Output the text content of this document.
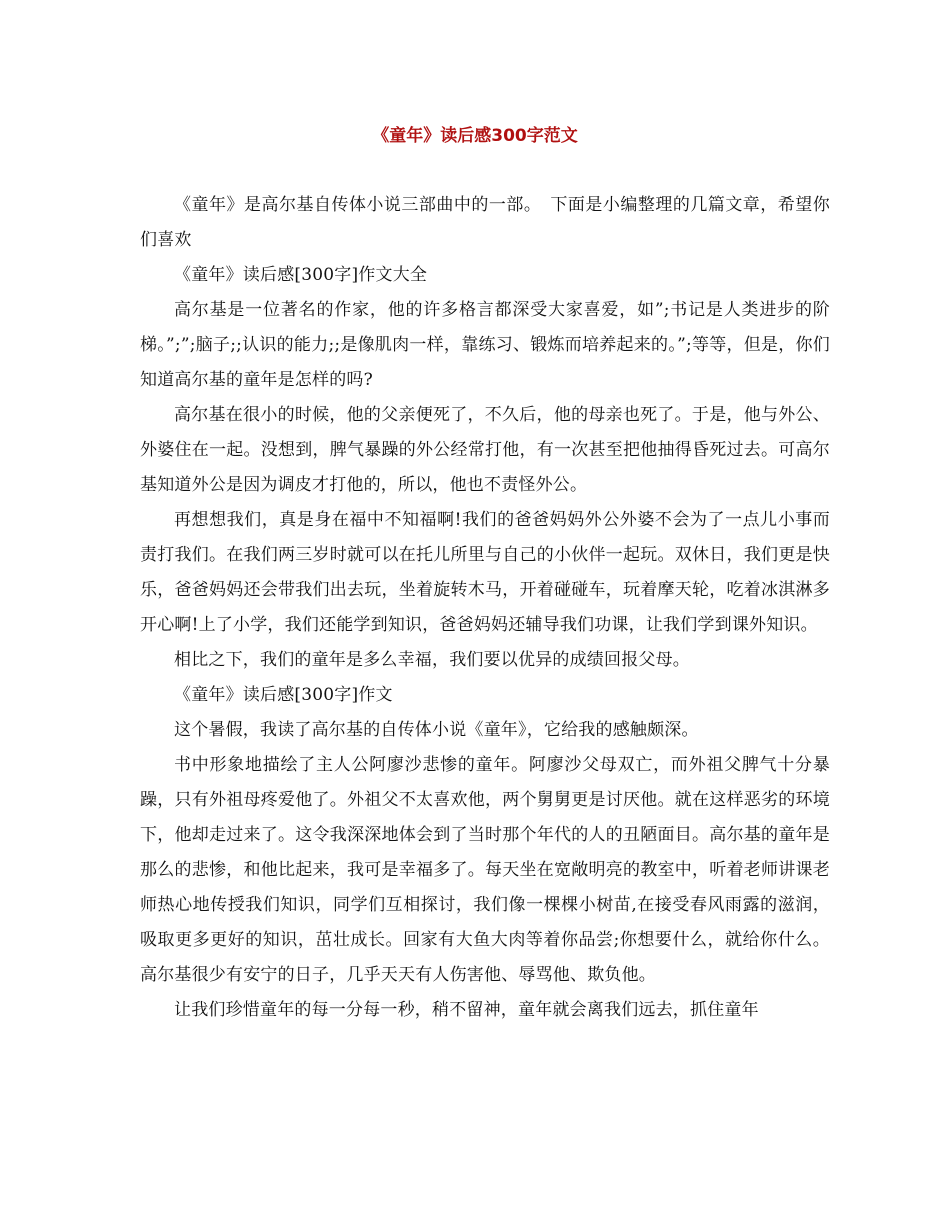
《童年》读后感300字范文

《童年》是高尔基自传体小说三部曲中的一部。　下面是小编整理的几篇文章，希望你们喜欢

《童年》读后感[300字]作文大全

高尔基是一位著名的作家，他的许多格言都深受大家喜爱，如”;书记是人类进步的阶梯。”;”;脑子;;认识的能力;;是像肌肉一样，靠练习、锻炼而培养起来的。”;等等，但是，你们知道高尔基的童年是怎样的吗?

高尔基在很小的时候，他的父亲便死了，不久后，他的母亲也死了。于是，他与外公、外婆住在一起。没想到，脾气暴躁的外公经常打他，有一次甚至把他抽得昏死过去。可高尔基知道外公是因为调皮才打他的，所以，他也不责怪外公。

再想想我们，真是身在福中不知福啊!我们的爸爸妈妈外公外婆不会为了一点儿小事而责打我们。在我们两三岁时就可以在托儿所里与自己的小伙伴一起玩。双休日，我们更是快乐，爸爸妈妈还会带我们出去玩，坐着旋转木马，开着碰碰车，玩着摩天轮，吃着冰淇淋多开心啊!上了小学，我们还能学到知识，爸爸妈妈还辅导我们功课，让我们学到课外知识。

相比之下，我们的童年是多么幸福，我们要以优异的成绩回报父母。

《童年》读后感[300字]作文

这个暑假，我读了高尔基的自传体小说《童年》，它给我的感触颇深。

书中形象地描绘了主人公阿廖沙悲惨的童年。阿廖沙父母双亡，而外祖父脾气十分暴躁，只有外祖母疼爱他了。外祖父不太喜欢他，两个舅舅更是讨厌他。就在这样恶劣的环境下，他却走过来了。这令我深深地体会到了当时那个年代的人的丑陋面目。高尔基的童年是那么的悲惨，和他比起来，我可是幸福多了。每天坐在宽敞明亮的教室中，听着老师讲课老师热心地传授我们知识，同学们互相探讨，我们像一棵棵小树苗,在接受春风雨露的滋润，吸取更多更好的知识，茁壮成长。回家有大鱼大肉等着你品尝;你想要什么，就给你什么。高尔基很少有安宁的日子，几乎天天有人伤害他、辱骂他、欺负他。

让我们珍惜童年的每一分每一秒，稍不留神，童年就会离我们远去，抓住童年
